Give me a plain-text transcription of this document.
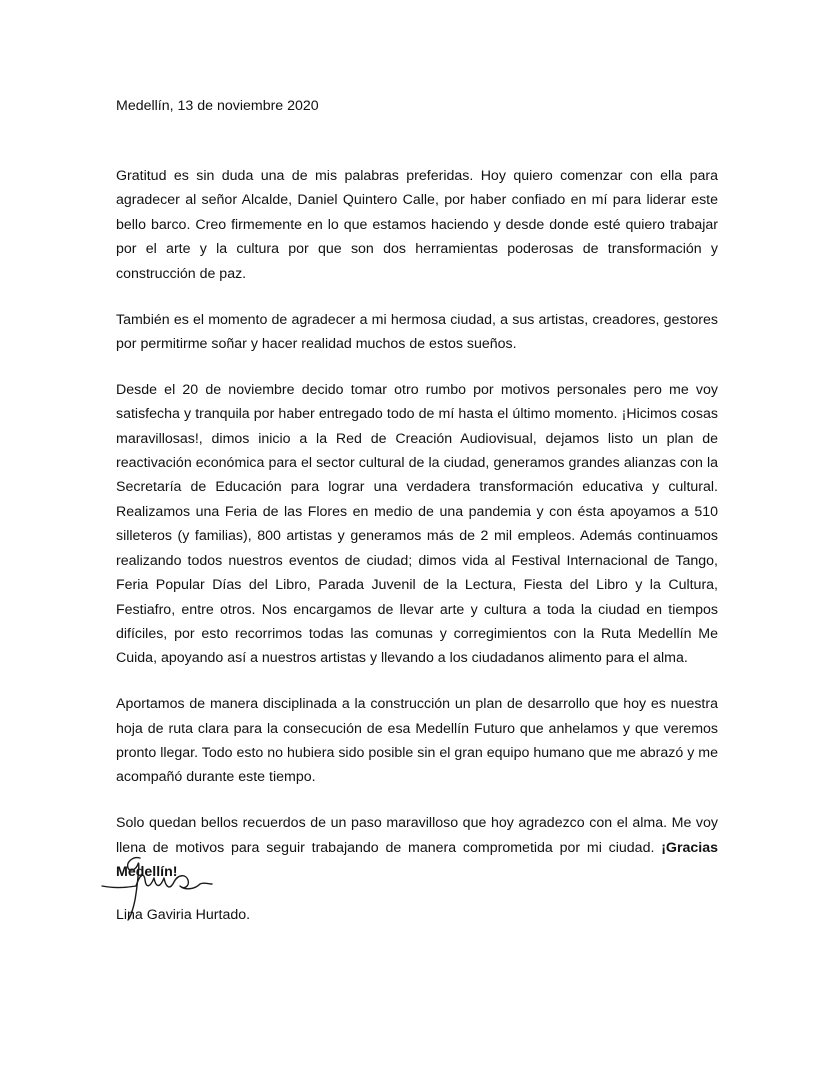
Medellín, 13 de noviembre 2020

Gratitud es sin duda una de mis palabras preferidas. Hoy quiero comenzar con ella para agradecer al señor Alcalde, Daniel Quintero Calle, por haber confiado en mí para liderar este bello barco. Creo firmemente en lo que estamos haciendo y desde donde esté quiero trabajar por el arte y la cultura por que son dos herramientas poderosas de transformación y construcción de paz.

También es el momento de agradecer a mi hermosa ciudad, a sus artistas, creadores, gestores por permitirme soñar y hacer realidad muchos de estos sueños.

Desde el 20 de noviembre decido tomar otro rumbo por motivos personales pero me voy satisfecha y tranquila por haber entregado todo de mí hasta el último momento. ¡Hicimos cosas maravillosas!, dimos inicio a la Red de Creación Audiovisual, dejamos listo un plan de reactivación económica para el sector cultural de la ciudad, generamos grandes alianzas con la Secretaría de Educación para lograr una verdadera transformación educativa y cultural. Realizamos una Feria de las Flores en medio de una pandemia y con ésta apoyamos a 510 silleteros (y familias), 800 artistas y generamos más de 2 mil empleos. Además continuamos realizando todos nuestros eventos de ciudad; dimos vida al Festival Internacional de Tango, Feria Popular Días del Libro, Parada Juvenil de la Lectura, Fiesta del Libro y la Cultura, Festiafro, entre otros. Nos encargamos de llevar arte y cultura a toda la ciudad en tiempos difíciles, por esto recorrimos todas las comunas y corregimientos con la Ruta Medellín Me Cuida, apoyando así a nuestros artistas y llevando a los ciudadanos alimento para el alma.

Aportamos de manera disciplinada a la construcción un plan de desarrollo que hoy es nuestra hoja de ruta clara para la consecución de esa Medellín Futuro que anhelamos y que veremos pronto llegar. Todo esto no hubiera sido posible sin el gran equipo humano que me abrazó y me acompañó durante este tiempo.

Solo quedan bellos recuerdos de un paso maravilloso que hoy agradezco con el alma. Me voy llena de motivos para seguir trabajando de manera comprometida por mi ciudad. ¡Gracias Medellín!

Lina Gaviria Hurtado.
